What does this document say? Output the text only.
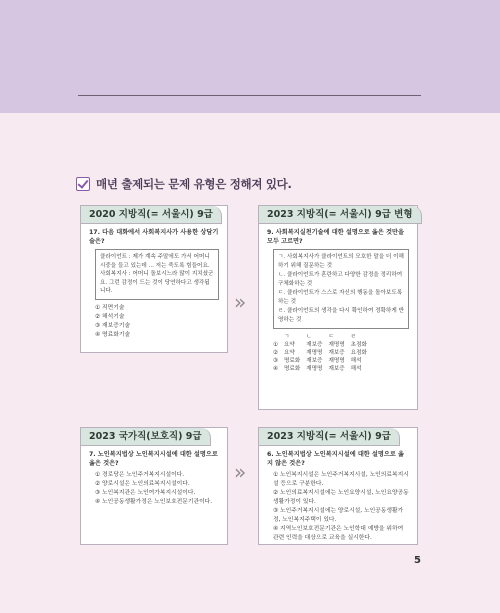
매년 출제되는 문제 유형은 정해져 있다.
2020 지방직(= 서울시) 9급
17. 다음 대화에서 사회복지사가 사용한 상담기술은?
클라이언트 : 제가 계속 주말에도 가서 어머니 시중을 들고 있는데 ... 저는 죽도록 힘들어요.
사회복지사 : 어머니 돌보시느라 많이 지치셨군요. 그런 감정이 드는 것이 당연하다고 생각됩니다.
① 직면기술
② 해석기술
③ 재보증기술
④ 명료화기술
»
2023 지방직(= 서울시) 9급 변형
9. 사회복지실천기술에 대한 설명으로 옳은 것만을 모두 고르면?
ㄱ. 사회복지사가 클라이언트의 모호한 말을 더 이해하기 위해 질문하는 것
ㄴ. 클라이언트가 혼란하고 다양한 감정을 정리하여 구체화하는 것
ㄷ. 클라이언트가 스스로 자신의 행동을 돌아보도록 하는 것
ㄹ. 클라이언트의 생각을 다시 확인하여 정확하게 반영하는 것
	ㄱ	ㄴ	ㄷ	ㄹ
①	요약	재보증	재명명	초점화
②	요약	재명명	재보증	요점화
③	명료화	재보증	재명명	해석
④	명료화	재명명	재보증	해석
2023 국가직(보호직) 9급
7. 노인복지법상 노인복지시설에 대한 설명으로 옳은 것은?
① 경로당은 노인주거복지시설이다.
② 양로시설은 노인의료복지시설이다.
③ 노인복지관은 노인여가복지시설이다.
④ 노인공동생활가정은 노인보호전문기관이다.
»
2023 지방직(= 서울시) 9급
6. 노인복지법상 노인복지시설에 대한 설명으로 옳지 않은 것은?
① 노인복지시설은 노인주거복지시설, 노인의료복지시설 등으로 구분한다.
② 노인의료복지시설에는 노인요양시설, 노인요양공동생활가정이 있다.
③ 노인주거복지시설에는 양로시설, 노인공동생활가정, 노인복지주택이 있다.
④ 지역노인보호전문기관은 노인학대 예방을 위하여 관련 인력을 대상으로 교육을 실시한다.
5
